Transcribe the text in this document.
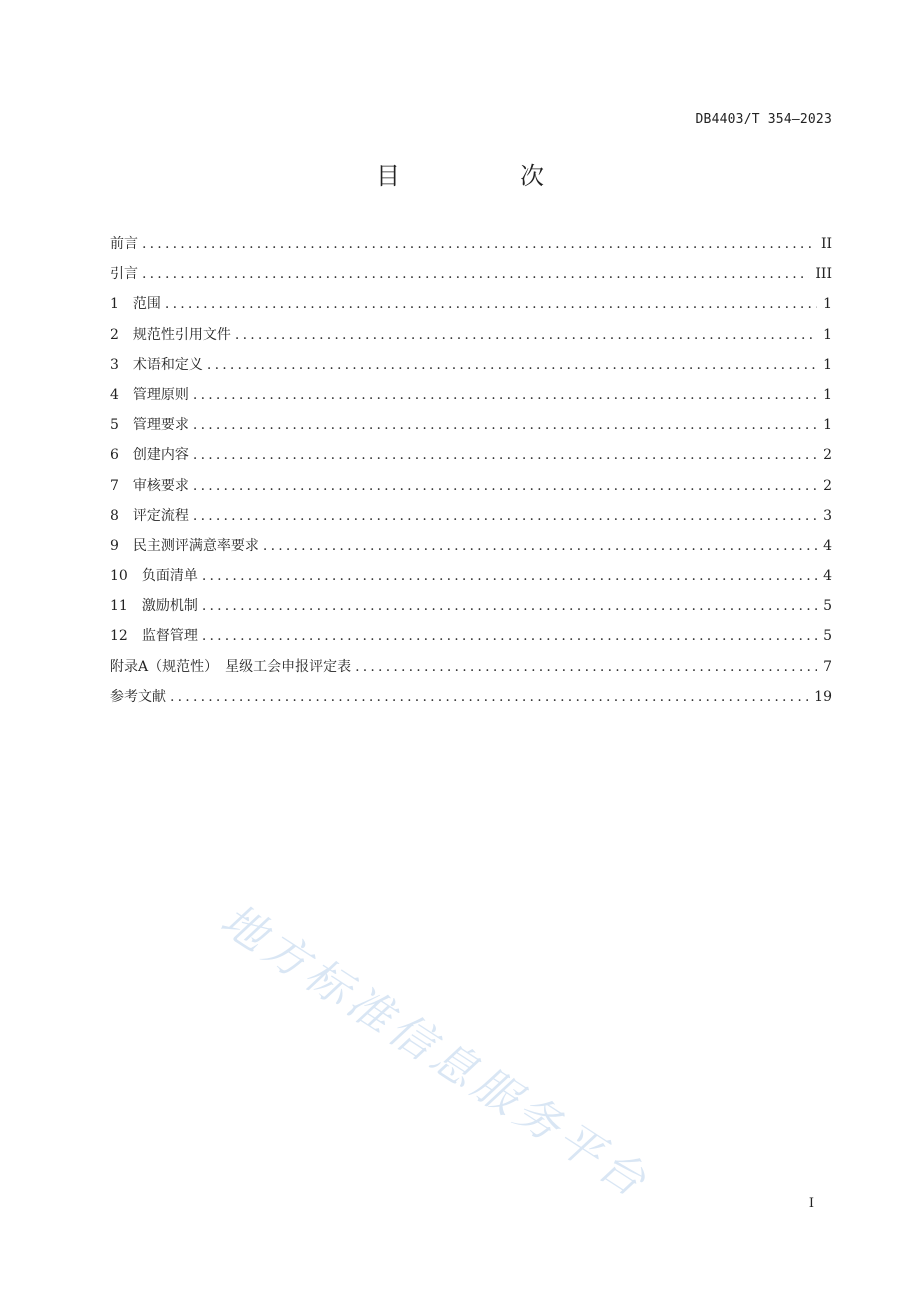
DB4403/T 354—2023
目　次
前言 .....	II
引言 .....	III
1	范围 .....	1
2	规范性引用文件 .....	1
3	术语和定义 .....	1
4	管理原则 .....	1
5	管理要求 .....	1
6	创建内容 .....	2
7	审核要求 .....	2
8	评定流程 .....	3
9	民主测评满意率要求 .....	4
10	负面清单 .....	4
11	激励机制 .....	5
12	监督管理 .....	5
附录A（规范性）　星级工会申报评定表 .....	7
参考文献 .....	19
地方标准信息服务平台	I
